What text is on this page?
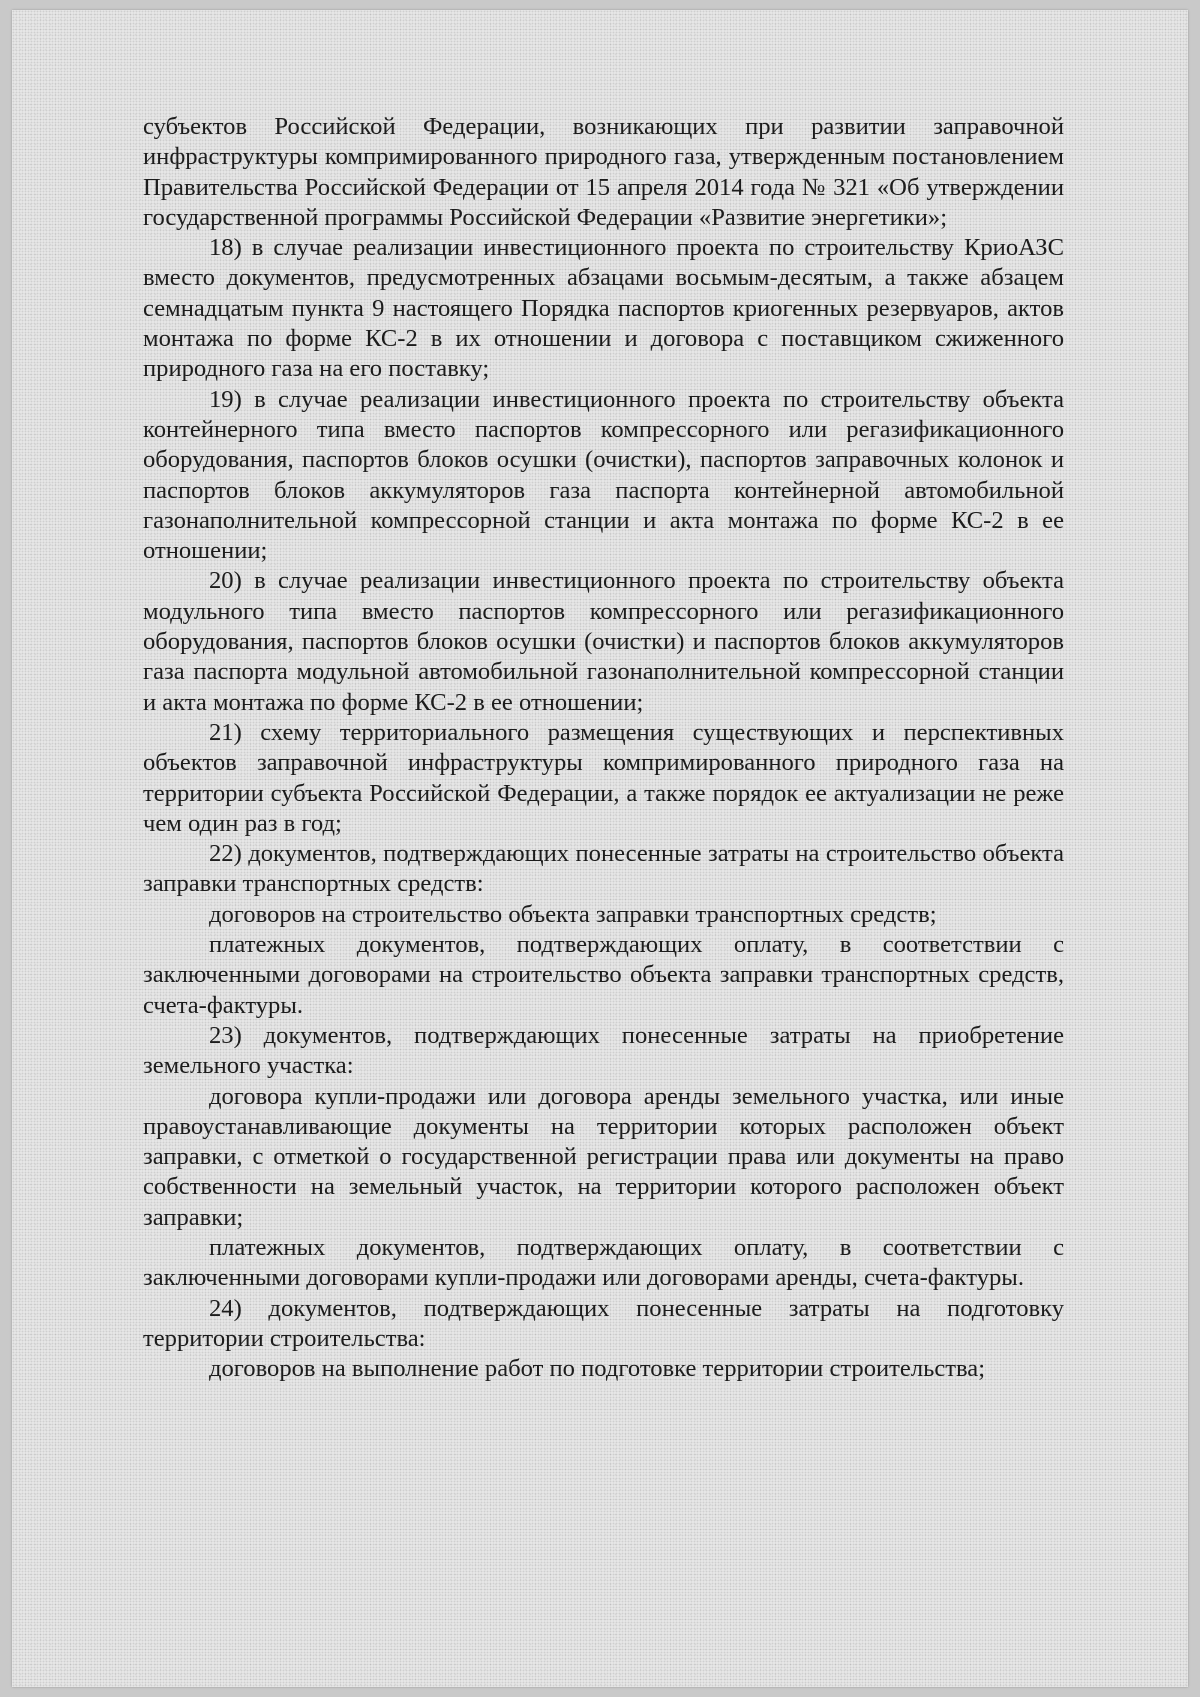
субъектов Российской Федерации, возникающих при развитии заправочной инфраструктуры компримированного природного газа, утвержденным постановлением Правительства Российской Федерации от 15 апреля 2014 года № 321 «Об утверждении государственной программы Российской Федерации «Развитие энергетики»;

18) в случае реализации инвестиционного проекта по строительству КриоАЗС вместо документов, предусмотренных абзацами восьмым-десятым, а также абзацем семнадцатым пункта 9 настоящего Порядка паспортов криогенных резервуаров, актов монтажа по форме КС-2 в их отношении и договора с поставщиком сжиженного природного газа на его поставку;

19) в случае реализации инвестиционного проекта по строительству объекта контейнерного типа вместо паспортов компрессорного или регазификационного оборудования, паспортов блоков осушки (очистки), паспортов заправочных колонок и паспортов блоков аккумуляторов газа паспорта контейнерной автомобильной газонаполнительной компрессорной станции и акта монтажа по форме КС-2 в ее отношении;

20) в случае реализации инвестиционного проекта по строительству объекта модульного типа вместо паспортов компрессорного или регазификационного оборудования, паспортов блоков осушки (очистки) и паспортов блоков аккумуляторов газа паспорта модульной автомобильной газонаполнительной компрессорной станции и акта монтажа по форме КС-2 в ее отношении;

21) схему территориального размещения существующих и перспективных объектов заправочной инфраструктуры компримированного природного газа на территории субъекта Российской Федерации, а также порядок ее актуализации не реже чем один раз в год;

22) документов, подтверждающих понесенные затраты на строительство объекта заправки транспортных средств:

договоров на строительство объекта заправки транспортных средств;

платежных документов, подтверждающих оплату, в соответствии с заключенными договорами на строительство объекта заправки транспортных средств, счета-фактуры.

23) документов, подтверждающих понесенные затраты на приобретение земельного участка:

договора купли-продажи или договора аренды земельного участка, или иные правоустанавливающие документы на территории которых расположен объект заправки, с отметкой о государственной регистрации права или документы на право собственности на земельный участок, на территории которого расположен объект заправки;

платежных документов, подтверждающих оплату, в соответствии с заключенными договорами купли-продажи или договорами аренды, счета-фактуры.

24) документов, подтверждающих понесенные затраты на подготовку территории строительства:

договоров на выполнение работ по подготовке территории строительства;
